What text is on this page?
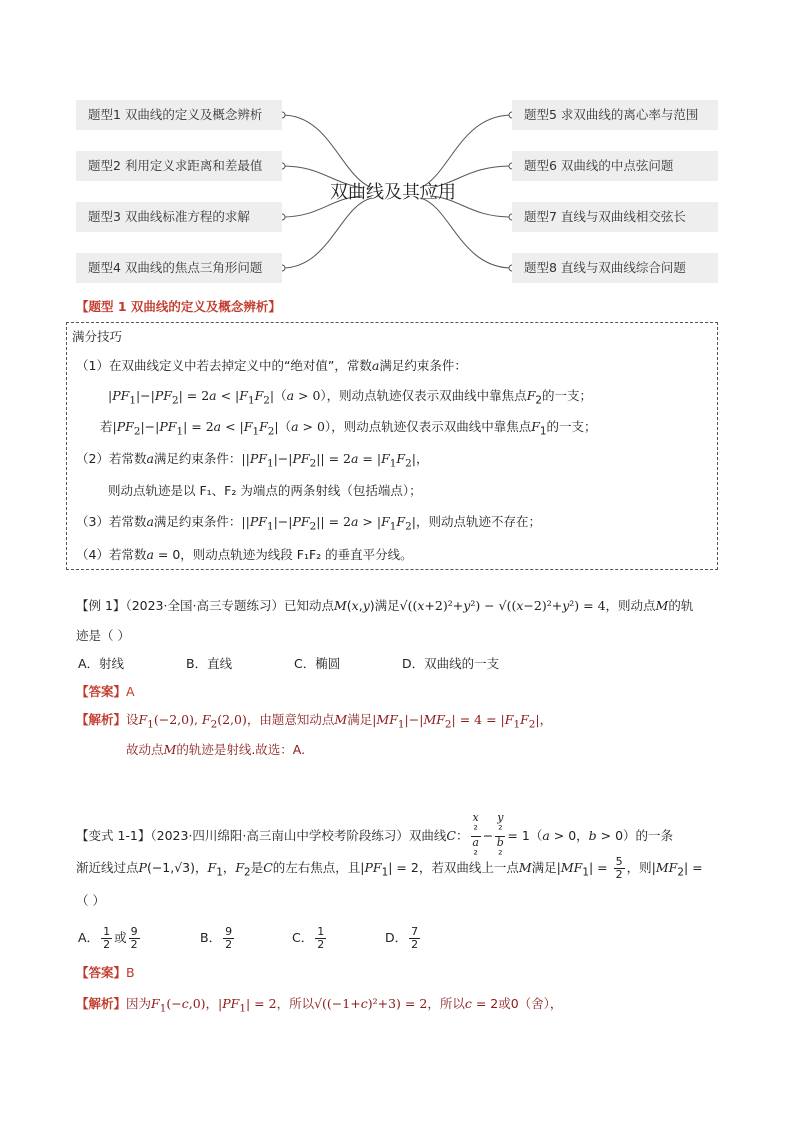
题型1 双曲线的定义及概念辨析
题型2 利用定义求距离和差最值
题型3 双曲线标准方程的求解
题型4 双曲线的焦点三角形问题
题型5 求双曲线的离心率与范围
题型6 双曲线的中点弦问题
题型7 直线与双曲线相交弦长
题型8 直线与双曲线综合问题
双曲线及其应用
【题型 1 双曲线的定义及概念辨析】
满分技巧
（1）在双曲线定义中若去掉定义中的“绝对值”，常数a满足约束条件：
$|PF_1|-|PF_2| = 2a < |F_1F_2|(a > 0)$，则动点轨迹仅表示双曲线中靠焦点$F_2$的一支；
若$|PF_2|-|PF_1| = 2a < |F_1F_2|(a > 0)$，则动点轨迹仅表示双曲线中靠焦点$F_1$的一支；
（2）若常数a满足约束条件：$||PF_1|-|PF_2|| = 2a = |F_1F_2|$，
则动点轨迹是以 F₁、F₂ 为端点的两条射线（包括端点）；
（3）若常数a满足约束条件：$||PF_1|-|PF_2|| = 2a > |F_1F_2|$，则动点轨迹不存在；
（4）若常数a = 0，则动点轨迹为线段 F₁F₂ 的垂直平分线。
【例 1】（2023·全国·高三专题练习）已知动点M(x,y)满足√((x+2)²+y²) − √((x−2)²+y²) = 4，则动点M的轨
迹是（ ）
A．射线	B．直线	C．椭圆	D．双曲线的一支
【答案】A
【解析】设$F_1(-2,0)$, $F_2(2,0)$，由题意知动点M满足$|MF_1|-|MF_2| = 4 = |F_1F_2|$，
故动点M的轨迹是射线.故选：A.
【变式 1-1】（2023·四川绵阳·高三南山中学校考阶段练习）双曲线C： x
²
a
² − y
²
b
² = 1（a > 0，b > 0）的一条
渐近线过点P(−1,√3)，$F_1$，$F_2$是C的左右焦点，且$|PF_1| = 2$，若双曲线上一点M满足$|MF_1| = \frac{5}{2}$ ，则$|MF_2|$ =
（ ）
A． $\frac{1}{2}$ 或 $\frac{9}{2}$	B． $\frac{9}{2}$	C． $\frac{1}{2}$	D． $\frac{7}{2}$
【答案】B
【解析】因为$F_1(-c,0)$，$|PF_1| = 2$，所以√((−1+c)²+3) = 2，所以c = 2或0（舍），
